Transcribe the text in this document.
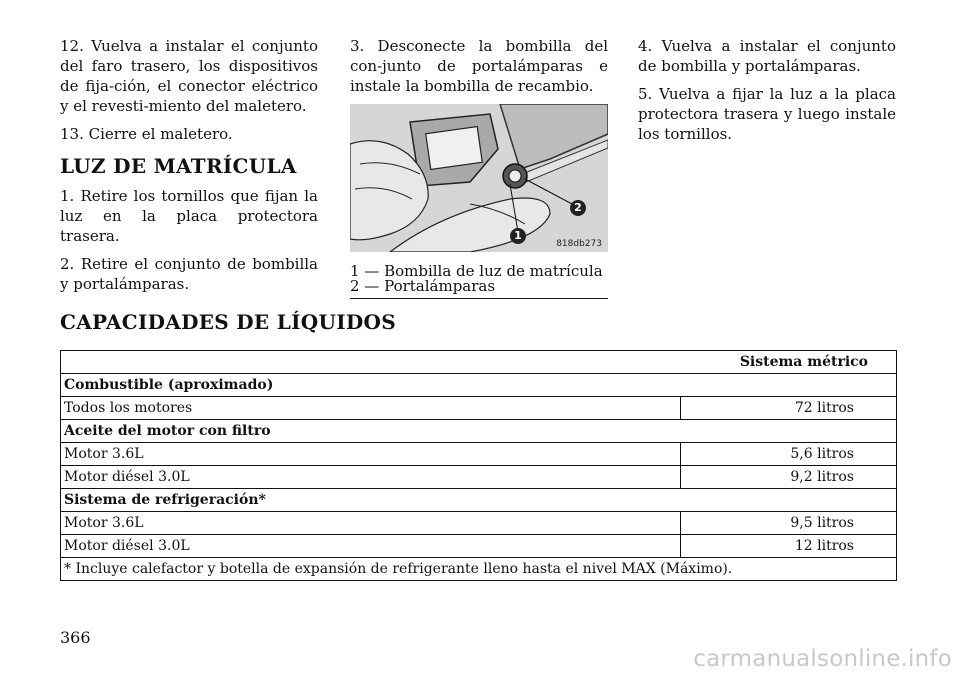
12. Vuelva a instalar el conjunto del faro trasero, los dispositivos de fija-ción, el conector eléctrico y el revesti-miento del maletero.

13. Cierre el maletero.

LUZ DE MATRÍCULA

1. Retire los tornillos que fijan la luz en la placa protectora trasera.

2. Retire el conjunto de bombilla y portalámparas.

3. Desconecte la bombilla del con-junto de portalámparas e instale la bombilla de recambio.

1
2
818db273
1 — Bombilla de luz de matrícula
2 — Portalámparas

4. Vuelva a instalar el conjunto de bombilla y portalámparas.

5. Vuelva a fijar la luz a la placa protectora trasera y luego instale los tornillos.

CAPACIDADES DE LÍQUIDOS
Sistema métrico	
Combustible (aproximado)	
Todos los motores	72 litros
Aceite del motor con filtro	
Motor 3.6L	5,6 litros
Motor diésel 3.0L	9,2 litros
Sistema de refrigeración*	
Motor 3.6L	9,5 litros
Motor diésel 3.0L	12 litros
* Incluye calefactor y botella de expansión de refrigerante lleno hasta el nivel MAX (Máximo).	
366
carmanualsonline.info
